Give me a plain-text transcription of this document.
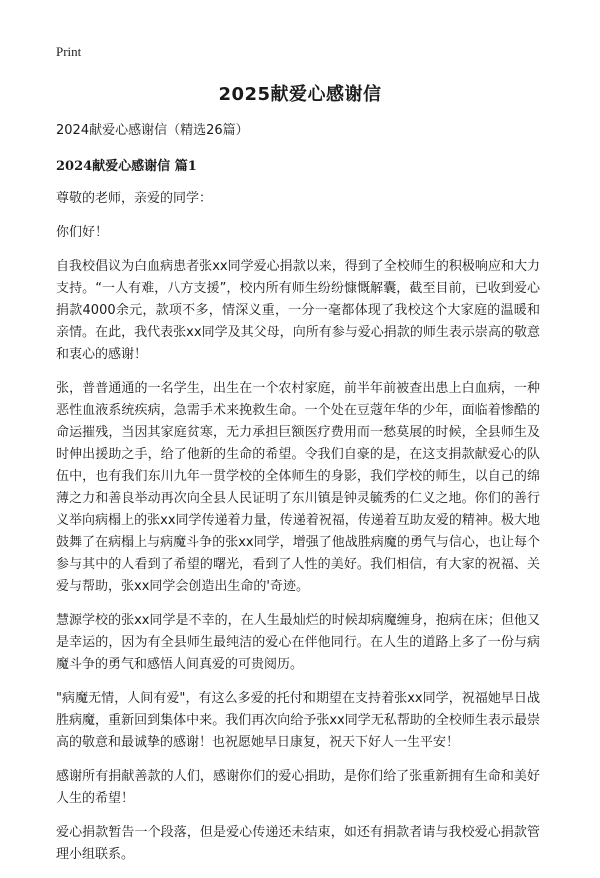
Print
2025献爱心感谢信
2024献爱心感谢信（精选26篇）
2024献爱心感谢信 篇1

尊敬的老师，亲爱的同学：

你们好！

自我校倡议为白血病患者张xx同学爱心捐款以来，得到了全校师生的积极响应和大力支持。“一人有难，八方支援”，校内所有师生纷纷慷慨解囊，截至目前，已收到爱心捐款4000余元，款项不多，情深义重，一分一毫都体现了我校这个大家庭的温暖和亲情。在此，我代表张xx同学及其父母，向所有参与爱心捐款的师生表示崇高的敬意和衷心的感谢！

张，普普通通的一名学生，出生在一个农村家庭，前半年前被查出患上白血病，一种恶性血液系统疾病，急需手术来挽救生命。一个处在豆蔻年华的少年，面临着惨酷的命运摧残，当因其家庭贫寒，无力承担巨额医疗费用而一愁莫展的时候，全县师生及时伸出援助之手，给了他新的生命的希望。令我们自豪的是，在这支捐款献爱心的队伍中，也有我们东川九年一贯学校的全体师生的身影，我们学校的师生，以自己的绵薄之力和善良举动再次向全县人民证明了东川镇是钟灵毓秀的仁义之地。你们的善行义举向病榻上的张xx同学传递着力量，传递着祝福，传递着互助友爱的精神。极大地鼓舞了在病榻上与病魔斗争的张xx同学，增强了他战胜病魔的勇气与信心，也让每个参与其中的人看到了希望的曙光，看到了人性的美好。我们相信，有大家的祝福、关爱与帮助，张xx同学会创造出生命的'奇迹。

慧源学校的张xx同学是不幸的，在人生最灿烂的时候却病魔缠身，抱病在床；但他又是幸运的，因为有全县师生最纯洁的爱心在伴他同行。在人生的道路上多了一份与病魔斗争的勇气和感悟人间真爱的可贵阅历。

"病魔无情，人间有爱"，有这么多爱的托付和期望在支持着张xx同学，祝福她早日战胜病魔，重新回到集体中来。我们再次向给予张xx同学无私帮助的全校师生表示最崇高的敬意和最诚挚的感谢！也祝愿她早日康复，祝天下好人一生平安！

感谢所有捐献善款的人们，感谢你们的爱心捐助，是你们给了张重新拥有生命和美好人生的希望！

爱心捐款暂告一个段落，但是爱心传递还未结束，如还有捐款者请与我校爱心捐款管理小组联系。
